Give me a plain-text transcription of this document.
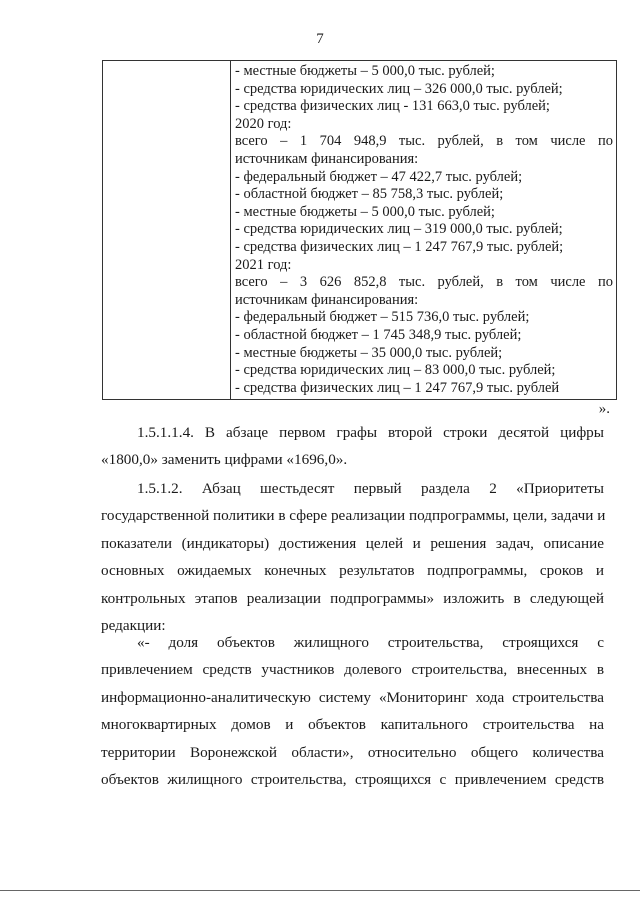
7

- местные бюджеты – 5 000,0 тыс. рублей;
- средства юридических лиц – 326 000,0 тыс. рублей;
- средства физических лиц - 131 663,0 тыс. рублей;
2020 год:
всего – 1 704 948,9 тыс. рублей, в том числе по
источникам финансирования:
- федеральный бюджет – 47 422,7 тыс. рублей;
- областной бюджет – 85 758,3 тыс. рублей;
- местные бюджеты – 5 000,0 тыс. рублей;
- средства юридических лиц – 319 000,0 тыс. рублей;
- средства физических лиц – 1 247 767,9 тыс. рублей;
2021 год:
всего – 3 626 852,8 тыс. рублей, в том числе по
источникам финансирования:
- федеральный бюджет – 515 736,0 тыс. рублей;
- областной бюджет – 1 745 348,9 тыс. рублей;
- местные бюджеты – 35 000,0 тыс. рублей;
- средства юридических лиц – 83 000,0 тыс. рублей;
- средства физических лиц – 1 247 767,9 тыс. рублей
».
1.5.1.1.4. В абзаце первом графы второй строки десятой цифры
«1800,0» заменить цифрами «1696,0».
1.5.1.2. Абзац шестьдесят первый раздела 2 «Приоритеты
государственной политики в сфере реализации подпрограммы, цели, задачи и
показатели (индикаторы) достижения целей и решения задач, описание
основных ожидаемых конечных результатов подпрограммы, сроков и
контрольных этапов реализации подпрограммы» изложить в следующей
редакции:
«- доля объектов жилищного строительства, строящихся с
привлечением средств участников долевого строительства, внесенных в
информационно-аналитическую систему «Мониторинг хода строительства
многоквартирных домов и объектов капитального строительства на
территории Воронежской области», относительно общего количества
объектов жилищного строительства, строящихся с привлечением средств
